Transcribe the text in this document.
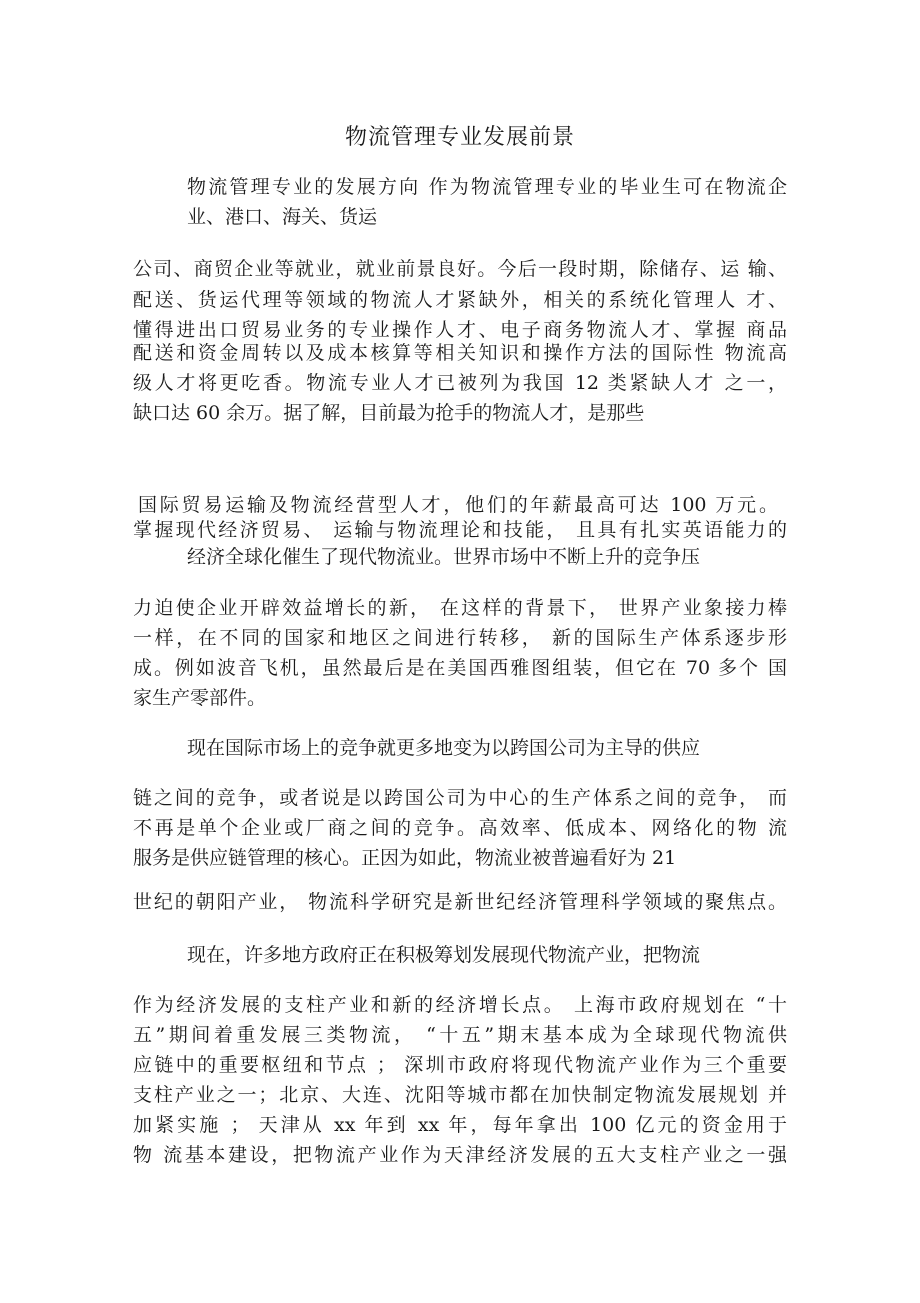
物流管理专业发展前景
物流管理专业的发展方向 作为物流管理专业的毕业生可在物流企
业、港口、海关、货运
公司、商贸企业等就业，就业前景良好。今后一段时期，除储存、运 输、
配送、货运代理等领域的物流人才紧缺外，相关的系统化管理人 才、
懂得进出口贸易业务的专业操作人才、电子商务物流人才、掌握 商品
配送和资金周转以及成本核算等相关知识和操作方法的国际性 物流高
级人才将更吃香。物流专业人才已被列为我国 12 类紧缺人才 之一，
缺口达 60 余万。据了解，目前最为抢手的物流人才，是那些
国际贸易运输及物流经营型人才，他们的年薪最高可达 100 万元。
掌握现代经济贸易、 运输与物流理论和技能， 且具有扎实英语能力的
经济全球化催生了现代物流业。世界市场中不断上升的竞争压
力迫使企业开辟效益增长的新， 在这样的背景下， 世界产业象接力棒
一样，在不同的国家和地区之间进行转移， 新的国际生产体系逐步形
成。例如波音飞机，虽然最后是在美国西雅图组装，但它在 70 多个 国
家生产零部件。
现在国际市场上的竞争就更多地变为以跨国公司为主导的供应
链之间的竞争，或者说是以跨国公司为中心的生产体系之间的竞争， 而
不再是单个企业或厂商之间的竞争。高效率、低成本、网络化的物 流
服务是供应链管理的核心。正因为如此，物流业被普遍看好为 21
世纪的朝阳产业， 物流科学研究是新世纪经济管理科学领域的聚焦点。
现在，许多地方政府正在积极筹划发展现代物流产业，把物流
作为经济发展的支柱产业和新的经济增长点。 上海市政府规划在 “十
五”期间着重发展三类物流， “十五”期末基本成为全球现代物流供
应链中的重要枢纽和节点 ； 深圳市政府将现代物流产业作为三个重要
支柱产业之一；北京、大连、沈阳等城市都在加快制定物流发展规划 并
加紧实施 ； 天津从 xx 年到 xx 年，每年拿出 100 亿元的资金用于
物 流基本建设，把物流产业作为天津经济发展的五大支柱产业之一强
